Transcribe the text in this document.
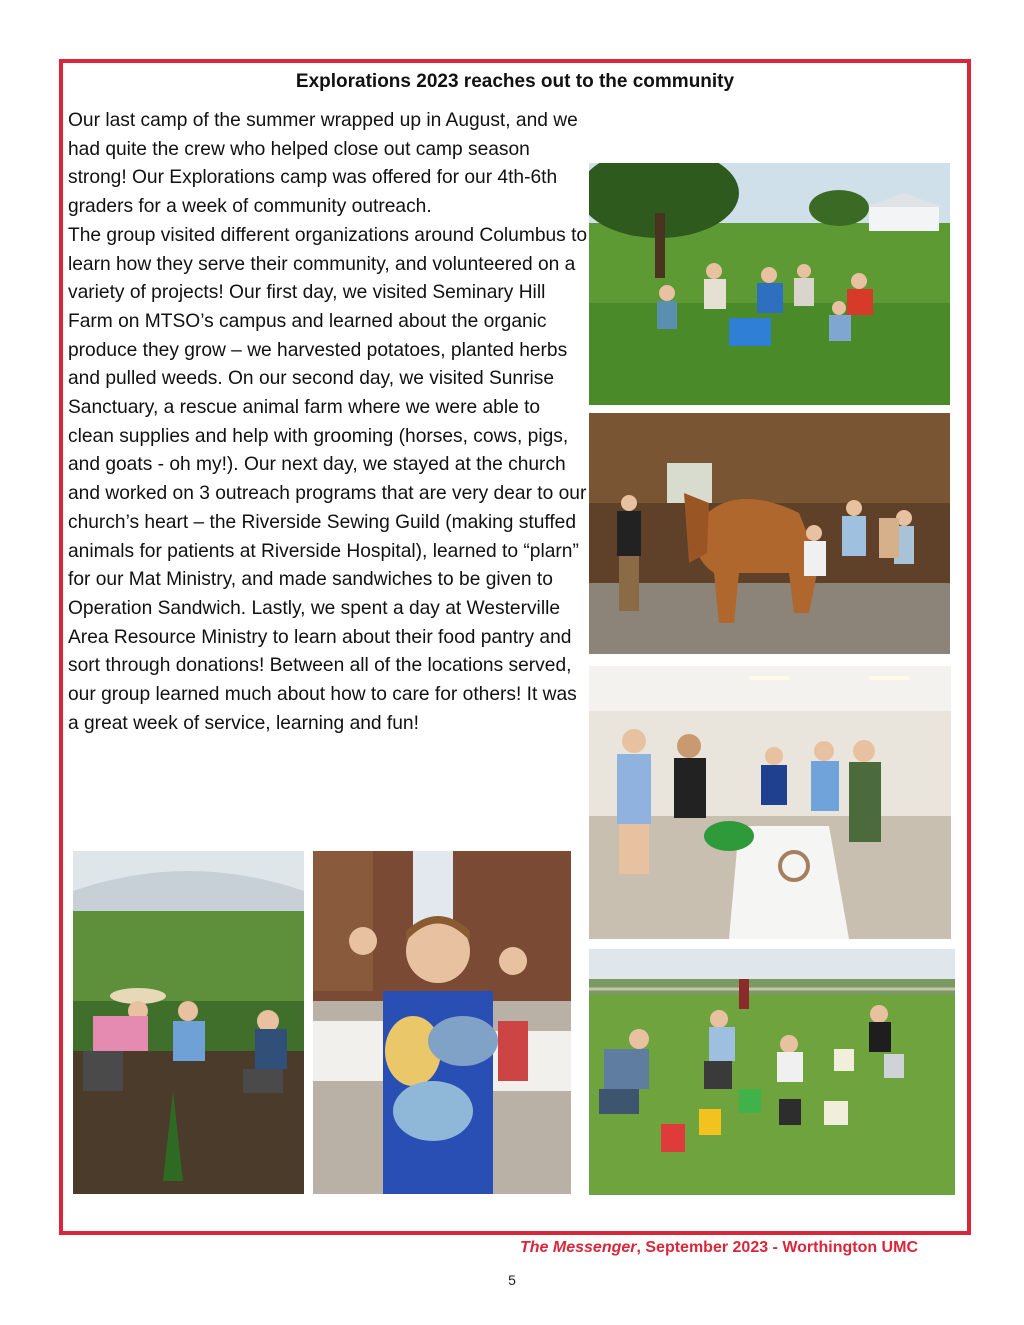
Explorations 2023 reaches out to the community

Our last camp of the summer wrapped up in August, and we had quite the crew who helped close out camp season strong! Our Explorations camp was offered for our 4th-6th graders for a week of community outreach.

The group visited different organizations around Columbus to learn how they serve their community, and volunteered on a variety of projects! Our first day, we visited Seminary Hill Farm on MTSO’s campus and learned about the organic produce they grow – we harvested potatoes, planted herbs and pulled weeds. On our second day, we visited Sunrise Sanctuary, a rescue animal farm where we were able to clean supplies and help with grooming (horses, cows, pigs, and goats - oh my!). Our next day, we stayed at the church and worked on 3 outreach programs that are very dear to our church’s heart – the Riverside Sewing Guild (making stuffed animals for patients at Riverside Hospital), learned to “plarn” for our Mat Ministry, and made sandwiches to be given to Operation Sandwich. Lastly, we spent a day at Westerville Area Resource Ministry to learn about their food pantry and sort through donations! Between all of the locations served, our group learned much about how to care for others! It was a great week of service, learning and fun!

The Messenger, September 2023 - Worthington UMC
5
